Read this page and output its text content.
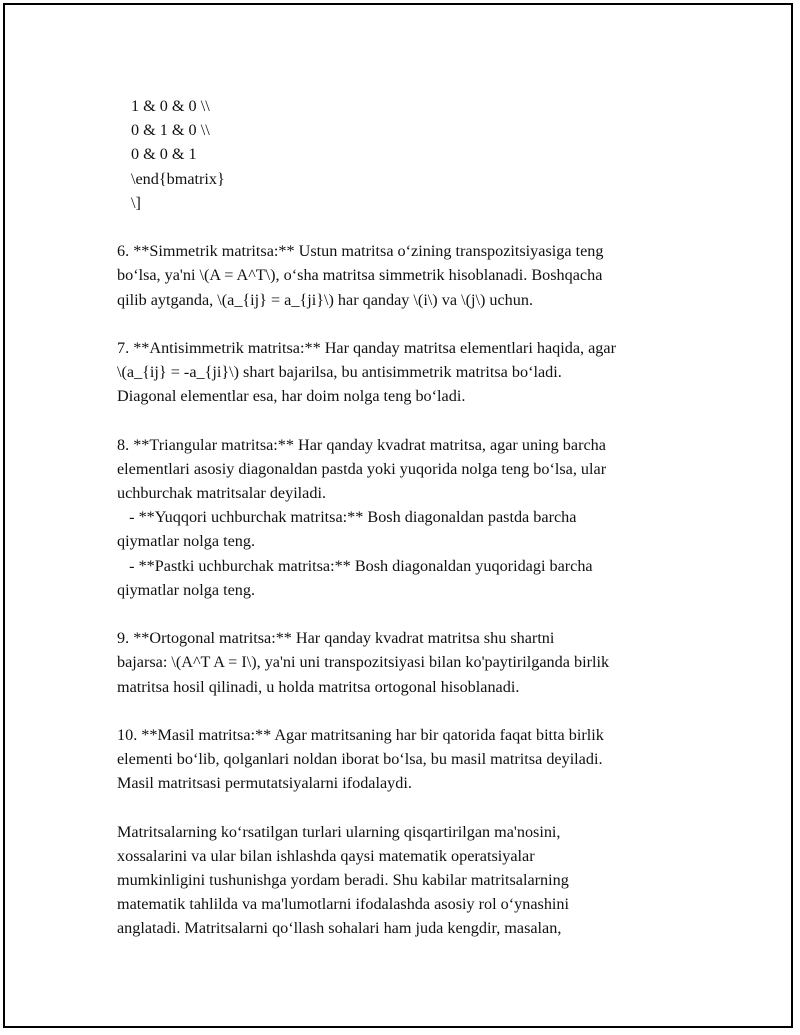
1 & 0 & 0 \\
0 & 1 & 0 \\
0 & 0 & 1
\end{bmatrix}
\]
6. **Simmetrik matritsa:** Ustun matritsa o‘zining transpozitsiyasiga teng
bo‘lsa, ya'ni \(A = A^T\), o‘sha matritsa simmetrik hisoblanadi. Boshqacha
qilib aytganda, \(a_{ij} = a_{ji}\) har qanday \(i\) va \(j\) uchun.
7. **Antisimmetrik matritsa:** Har qanday matritsa elementlari haqida, agar
\(a_{ij} = -a_{ji}\) shart bajarilsa, bu antisimmetrik matritsa bo‘ladi.
Diagonal elementlar esa, har doim nolga teng bo‘ladi.
8. **Triangular matritsa:** Har qanday kvadrat matritsa, agar uning barcha
elementlari asosiy diagonaldan pastda yoki yuqorida nolga teng bo‘lsa, ular
uchburchak matritsalar deyiladi.
- **Yuqqori uchburchak matritsa:** Bosh diagonaldan pastda barcha
qiymatlar nolga teng.
- **Pastki uchburchak matritsa:** Bosh diagonaldan yuqoridagi barcha
qiymatlar nolga teng.
9. **Ortogonal matritsa:** Har qanday kvadrat matritsa shu shartni
bajarsa: \(A^T A = I\), ya'ni uni transpozitsiyasi bilan ko'paytirilganda birlik
matritsa hosil qilinadi, u holda matritsa ortogonal hisoblanadi.
10. **Masil matritsa:** Agar matritsaning har bir qatorida faqat bitta birlik
elementi bo‘lib, qolganlari noldan iborat bo‘lsa, bu masil matritsa deyiladi.
Masil matritsasi permutatsiyalarni ifodalaydi.
Matritsalarning ko‘rsatilgan turlari ularning qisqartirilgan ma'nosini,
xossalarini va ular bilan ishlashda qaysi matematik operatsiyalar
mumkinligini tushunishga yordam beradi. Shu kabilar matritsalarning
matematik tahlilda va ma'lumotlarni ifodalashda asosiy rol o‘ynashini
anglatadi. Matritsalarni qo‘llash sohalari ham juda kengdir, masalan,
